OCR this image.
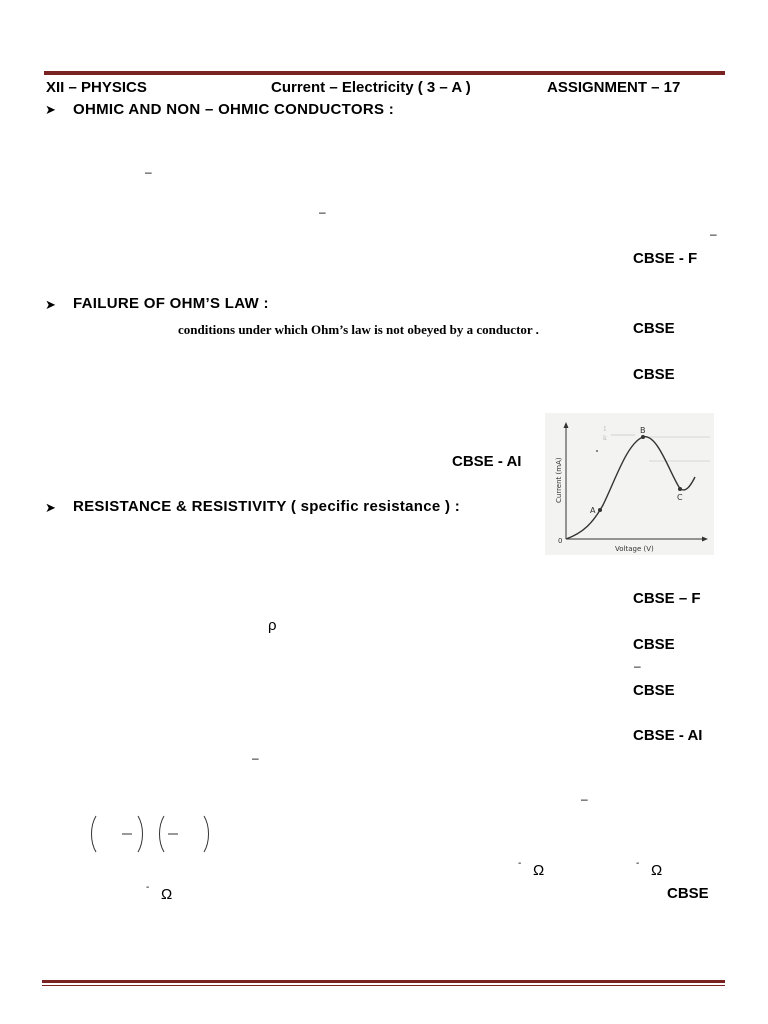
XII – PHYSICS	Current – Electricity ( 3 – A )	ASSIGNMENT – 17
➤ OHMIC AND NON – OHMIC CONDUCTORS :
–
–
–
CBSE - F
➤ FAILURE OF OHM’S LAW :
conditions under which Ohm’s law is not obeyed by a conductor .	CBSE
CBSE
CBSE - AI
1
k
A
B
C
0
Voltage (V)
Current (mA)
➤ RESISTANCE & RESISTIVITY ( specific resistance ) :
CBSE – F
ρ
CBSE
–
CBSE
CBSE - AI
–
–
- Ω	- Ω
- Ω	CBSE
